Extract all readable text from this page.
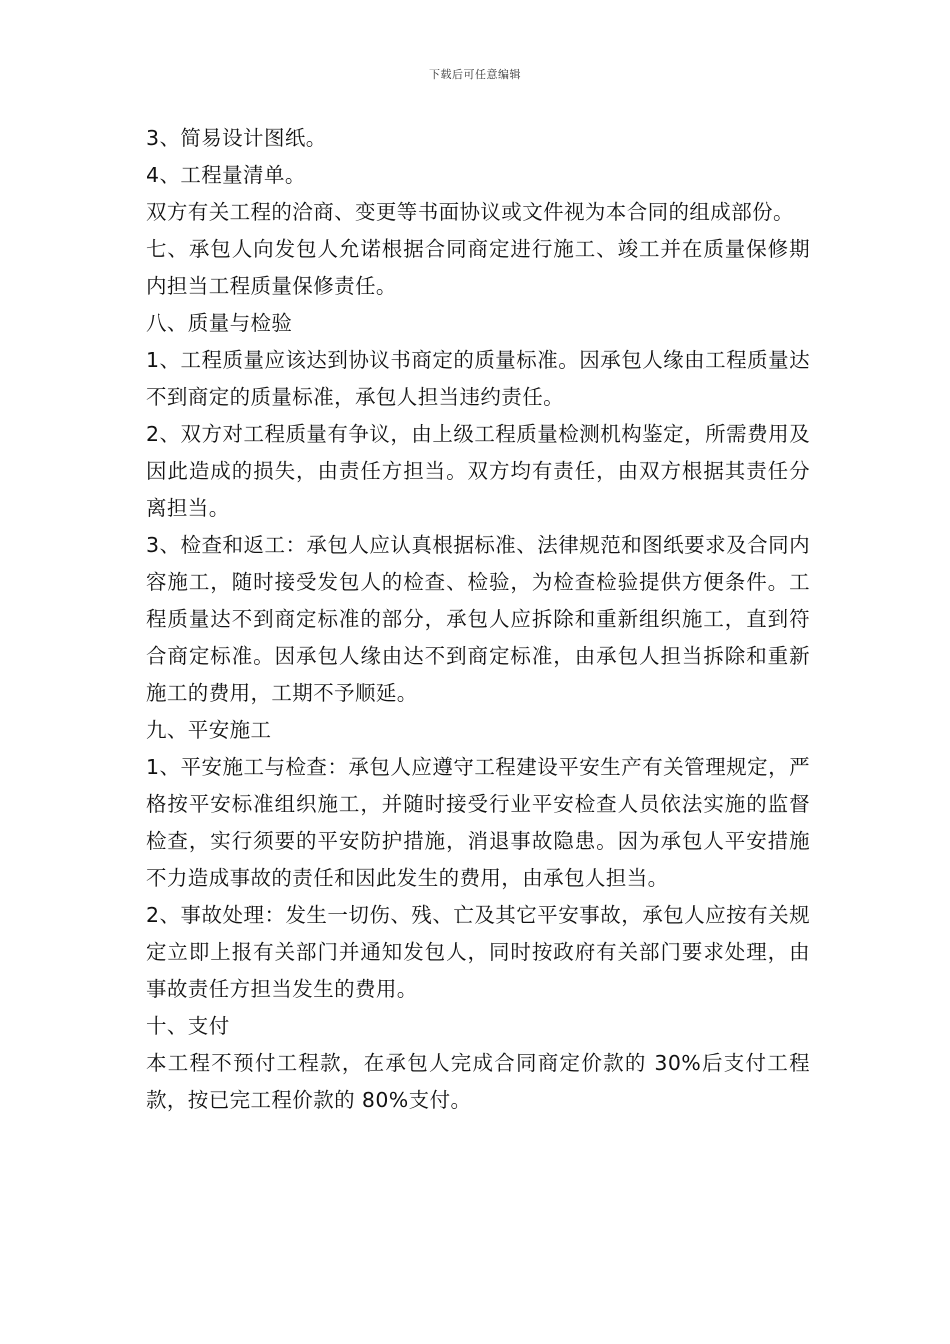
下载后可任意编辑

3、简易设计图纸。

4、工程量清单。

双方有关工程的洽商、变更等书面协议或文件视为本合同的组成部份。

七、承包人向发包人允诺根据合同商定进行施工、竣工并在质量保修期内担当工程质量保修责任。

八、质量与检验

1、工程质量应该达到协议书商定的质量标准。因承包人缘由工程质量达不到商定的质量标准，承包人担当违约责任。

2、双方对工程质量有争议，由上级工程质量检测机构鉴定，所需费用及因此造成的损失，由责任方担当。双方均有责任，由双方根据其责任分离担当。

3、检查和返工：承包人应认真根据标准、法律规范和图纸要求及合同内容施工，随时接受发包人的检查、检验，为检查检验提供方便条件。工程质量达不到商定标准的部分，承包人应拆除和重新组织施工，直到符合商定标准。因承包人缘由达不到商定标准，由承包人担当拆除和重新施工的费用，工期不予顺延。

九、平安施工

1、平安施工与检查：承包人应遵守工程建设平安生产有关管理规定，严格按平安标准组织施工，并随时接受行业平安检查人员依法实施的监督检查，实行须要的平安防护措施，消退事故隐患。因为承包人平安措施不力造成事故的责任和因此发生的费用，由承包人担当。

2、事故处理：发生一切伤、残、亡及其它平安事故，承包人应按有关规定立即上报有关部门并通知发包人，同时按政府有关部门要求处理，由事故责任方担当发生的费用。

十、支付

本工程不预付工程款，在承包人完成合同商定价款的 30%后支付工程款，按已完工程价款的 80%支付。
